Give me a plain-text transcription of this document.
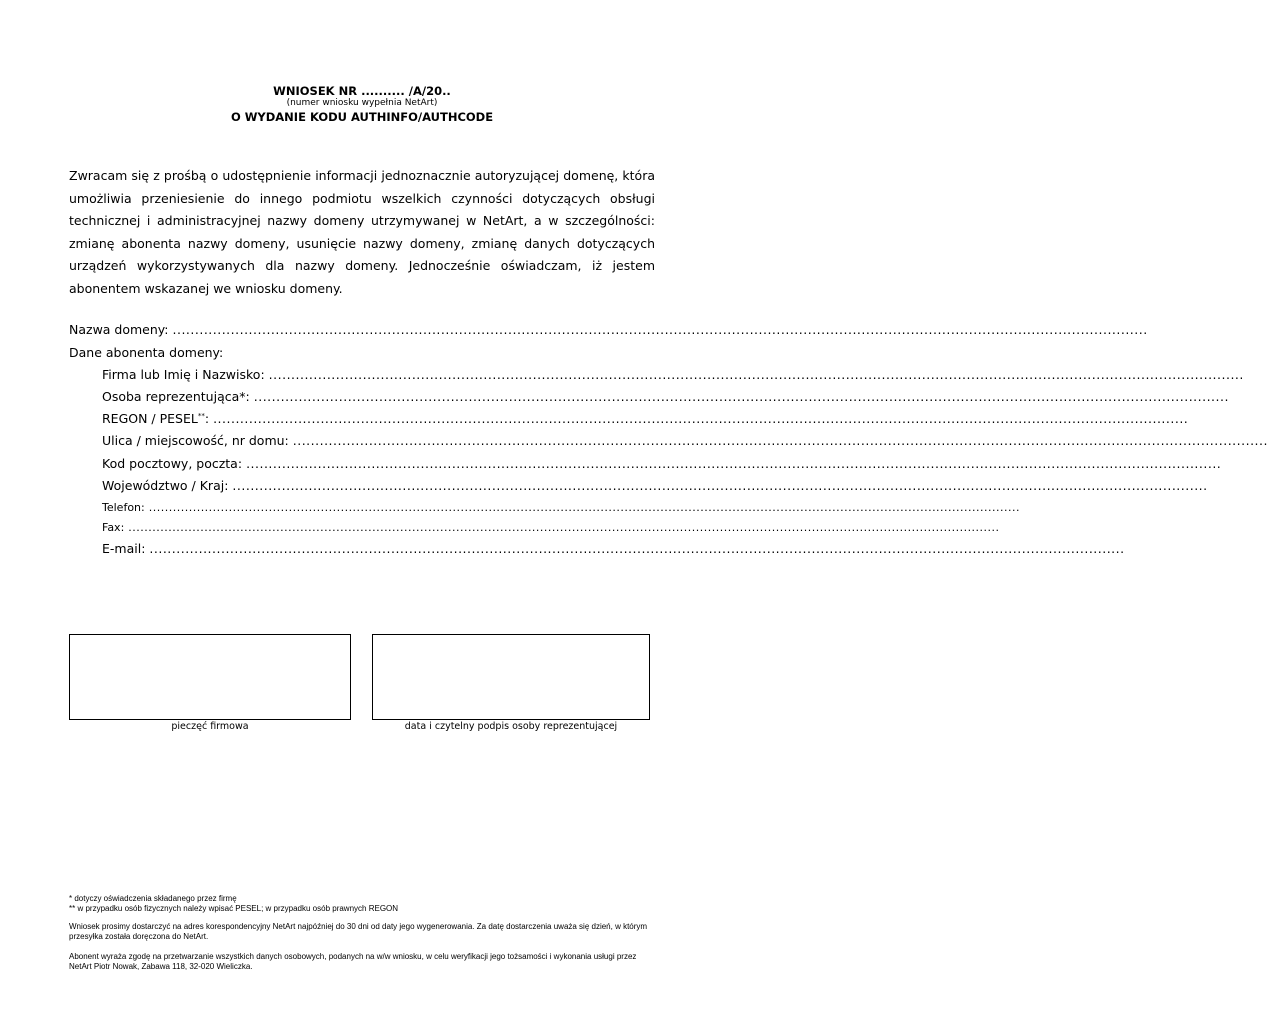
WNIOSEK NR .......... /A/20..
(numer wniosku wypełnia NetArt)
O WYDANIE KODU AUTHINFO/AUTHCODE
Zwracam się z prośbą o udostępnienie informacji jednoznacznie autoryzującej domenę, która umożliwia przeniesienie do innego podmiotu wszelkich czynności dotyczących obsługi technicznej i administracyjnej nazwy domeny utrzymywanej w NetArt, a w szczególności: zmianę abonenta nazwy domeny, usunięcie nazwy domeny, zmianę danych dotyczących urządzeń wykorzystywanych dla nazwy domeny. Jednocześnie oświadczam, iż jestem abonentem wskazanej we wniosku domeny.
Nazwa domeny: ..........................................................................................................................................................................................................................
Dane abonenta domeny:
Firma lub Imię i Nazwisko: ..........................................................................................................................................................................................................................
Osoba reprezentująca*: ..........................................................................................................................................................................................................................
REGON / PESEL**: ..........................................................................................................................................................................................................................
Ulica / miejscowość, nr domu: ..........................................................................................................................................................................................................................
Kod pocztowy, poczta: ..........................................................................................................................................................................................................................
Województwo / Kraj: ..........................................................................................................................................................................................................................
Telefon: ..........................................................................................................................................................................................................................
Fax: ..........................................................................................................................................................................................................................
E-mail: ..........................................................................................................................................................................................................................
pieczęć firmowa	data i czytelny podpis osoby reprezentującej
* dotyczy oświadczenia składanego przez firmę
** w przypadku osób fizycznych należy wpisać PESEL; w przypadku osób prawnych REGON
Wniosek prosimy dostarczyć na adres korespondencyjny NetArt najpóźniej do 30 dni od daty jego wygenerowania. Za datę dostarczenia uważa się dzień, w którym przesyłka została doręczona do NetArt.
Abonent wyraża zgodę na przetwarzanie wszystkich danych osobowych, podanych na w/w wniosku, w celu weryfikacji jego tożsamości i wykonania usługi przez NetArt Piotr Nowak, Zabawa 118, 32-020 Wieliczka.
